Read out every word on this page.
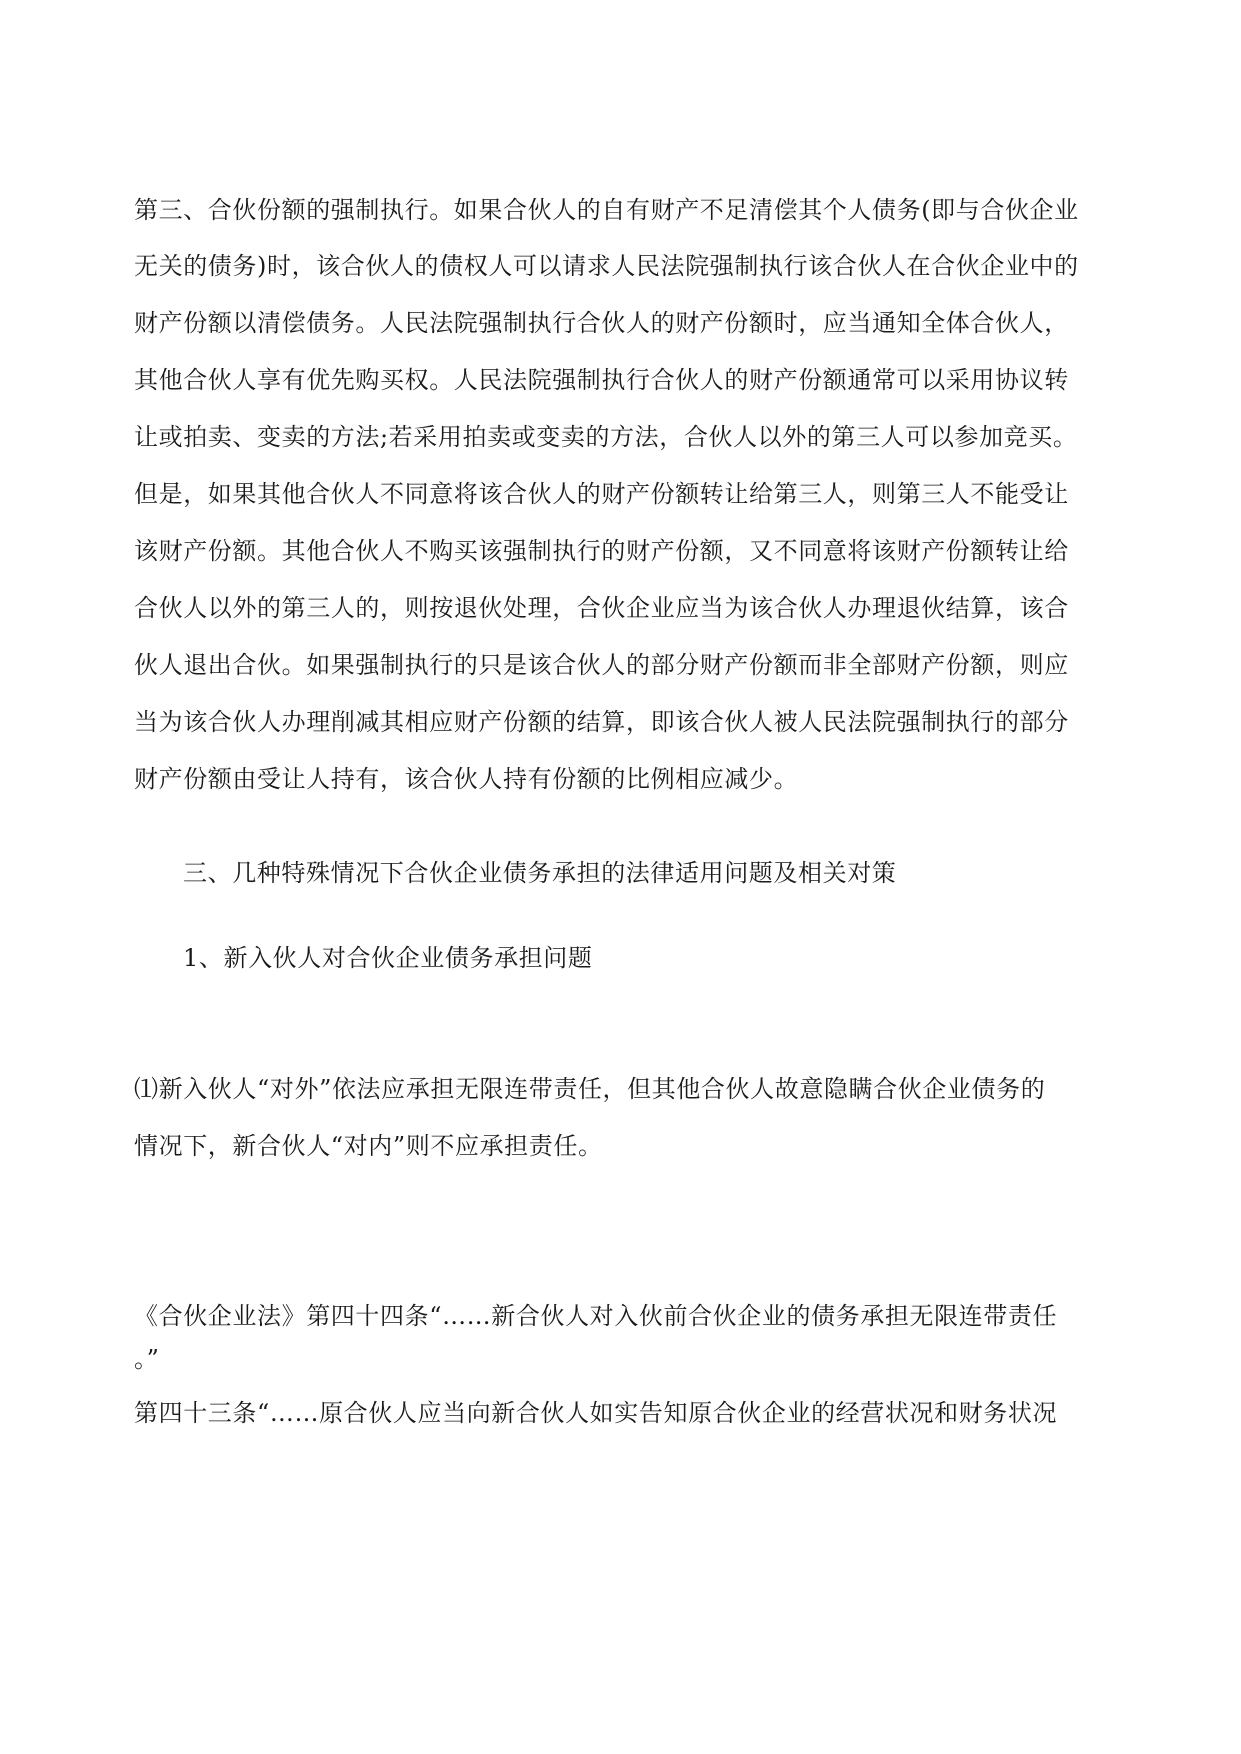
第三、合伙份额的强制执行。如果合伙人的自有财产不足清偿其个人债务(即与合伙企业
无关的债务)时，该合伙人的债权人可以请求人民法院强制执行该合伙人在合伙企业中的
财产份额以清偿债务。人民法院强制执行合伙人的财产份额时，应当通知全体合伙人，
其他合伙人享有优先购买权。人民法院强制执行合伙人的财产份额通常可以采用协议转
让或拍卖、变卖的方法;若采用拍卖或变卖的方法，合伙人以外的第三人可以参加竞买。
但是，如果其他合伙人不同意将该合伙人的财产份额转让给第三人，则第三人不能受让
该财产份额。其他合伙人不购买该强制执行的财产份额，又不同意将该财产份额转让给
合伙人以外的第三人的，则按退伙处理，合伙企业应当为该合伙人办理退伙结算，该合
伙人退出合伙。如果强制执行的只是该合伙人的部分财产份额而非全部财产份额，则应
当为该合伙人办理削减其相应财产份额的结算，即该合伙人被人民法院强制执行的部分
财产份额由受让人持有，该合伙人持有份额的比例相应减少。
三、几种特殊情况下合伙企业债务承担的法律适用问题及相关对策
1、新入伙人对合伙企业债务承担问题
⑴新入伙人“对外”依法应承担无限连带责任，但其他合伙人故意隐瞒合伙企业债务的
情况下，新合伙人“对内”则不应承担责任。
《合伙企业法》第四十四条“……新合伙人对入伙前合伙企业的债务承担无限连带责任
。”
第四十三条“……原合伙人应当向新合伙人如实告知原合伙企业的经营状况和财务状况
